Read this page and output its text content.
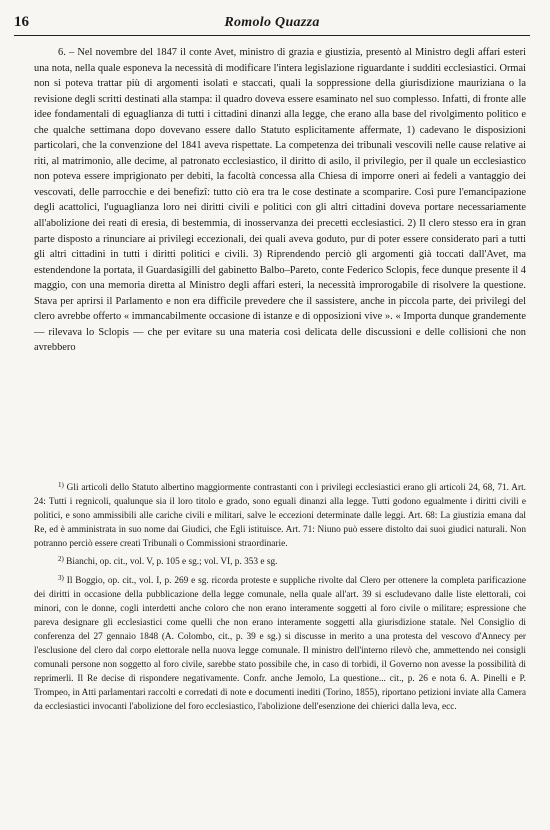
16	Romolo Quazza

6. – Nel novembre del 1847 il conte Avet, ministro di grazia e giustizia, presentò al Ministro degli affari esteri una nota, nella quale esponeva la necessità di modificare l'intera legislazione riguardante i sudditi ecclesiastici. Ormai non si poteva trattar più di argomenti isolati e staccati, quali la soppressione della giurisdizione mauriziana o la revisione degli scritti destinati alla stampa: il quadro doveva essere esaminato nel suo complesso. Infatti, di fronte alle idee fondamentali di eguaglianza di tutti i cittadini dinanzi alla legge, che erano alla base del rivolgimento politico e che qualche settimana dopo dovevano essere dallo Statuto esplicitamente affermate, 1) cadevano le disposizioni particolari, che la convenzione del 1841 aveva rispettate. La competenza dei tribunali vescovili nelle cause relative ai riti, al matrimonio, alle decime, al patronato ecclesiastico, il diritto di asilo, il privilegio, per il quale un ecclesiastico non poteva essere imprigionato per debiti, la facoltà concessa alla Chiesa di imporre oneri ai fedeli a vantaggio dei vescovati, delle parrocchie e dei benefizî: tutto ciò era tra le cose destinate a scomparire. Così pure l'emancipazione degli acattolici, l'uguaglianza loro nei diritti civili e politici con gli altri cittadini doveva portare necessariamente all'abolizione dei reati di eresia, di bestemmia, di inosservanza dei precetti ecclesiastici. 2) Il clero stesso era in gran parte disposto a rinunciare ai privilegi eccezionali, dei quali aveva goduto, pur di poter essere considerato pari a tutti gli altri cittadini in tutti i diritti politici e civili. 3) Riprendendo perciò gli argomenti già toccati dall'Avet, ma estendendone la portata, il Guardasigilli del gabinetto Balbo–Pareto, conte Federico Sclopis, fece dunque presente il 4 maggio, con una memoria diretta al Ministro degli affari esteri, la necessità improrogabile di risolvere la questione. Stava per aprirsi il Parlamento e non era difficile prevedere che il sassistere, anche in piccola parte, dei privilegi del clero avrebbe offerto « immancabilmente occasione di istanze e di opposizioni vive ». « Importa dunque grandemente — rilevava lo Sclopis — che per evitare su una materia così delicata delle discussioni e delle collisioni che non avrebbero

$^{1)}$ Gli articoli dello Statuto albertino maggiormente contrastanti con i privilegi ecclesiastici erano gli articoli 24, 68, 71. Art. 24: Tutti i regnicoli, qualunque sia il loro titolo e grado, sono eguali dinanzi alla legge. Tutti godono egualmente i diritti civili e politici, e sono ammissibili alle cariche civili e militari, salve le eccezioni determinate dalle leggi. Art. 68: La giustizia emana dal Re, ed è amministrata in suo nome dai Giudici, che Egli istituisce. Art. 71: Niuno può essere distolto dai suoi giudici naturali. Non potranno perciò essere creati Tribunali o Commissioni straordinarie.

$^{2)}$ Bianchi, op. cit., vol. V, p. 105 e sg.; vol. VI, p. 353 e sg.

$^{3)}$ Il Boggio, op. cit., vol. I, p. 269 e sg. ricorda proteste e suppliche rivolte dal Clero per ottenere la completa parificazione dei diritti in occasione della pubblicazione della legge comunale, nella quale all'art. 39 si escludevano dalle liste elettorali, coi minori, con le donne, cogli interdetti anche coloro che non erano interamente soggetti al foro civile o militare; espressione che pareva designare gli ecclesiastici come quelli che non erano interamente soggetti alla giurisdizione statale. Nel Consiglio di conferenza del 27 gennaio 1848 (A. Colombo, cit., p. 39 e sg.) si discusse in merito a una protesta del vescovo d'Annecy per l'esclusione del clero dal corpo elettorale nella nuova legge comunale. Il ministro dell'interno rilevò che, ammettendo nei consigli comunali persone non soggetto al foro civile, sarebbe stato possibile che, in caso di torbidi, il Governo non avesse la possibilità di reprimerli. Il Re decise di rispondere negativamente. Confr. anche Jemolo, La questione... cit., p. 26 e nota 6. A. Pinelli e P. Trompeo, in Atti parlamentari raccolti e corredati di note e documenti inediti (Torino, 1855), riportano petizioni inviate alla Camera da ecclesiastici invocanti l'abolizione del foro ecclesiastico, l'abolizione dell'esenzione dei chierici dalla leva, ecc.
